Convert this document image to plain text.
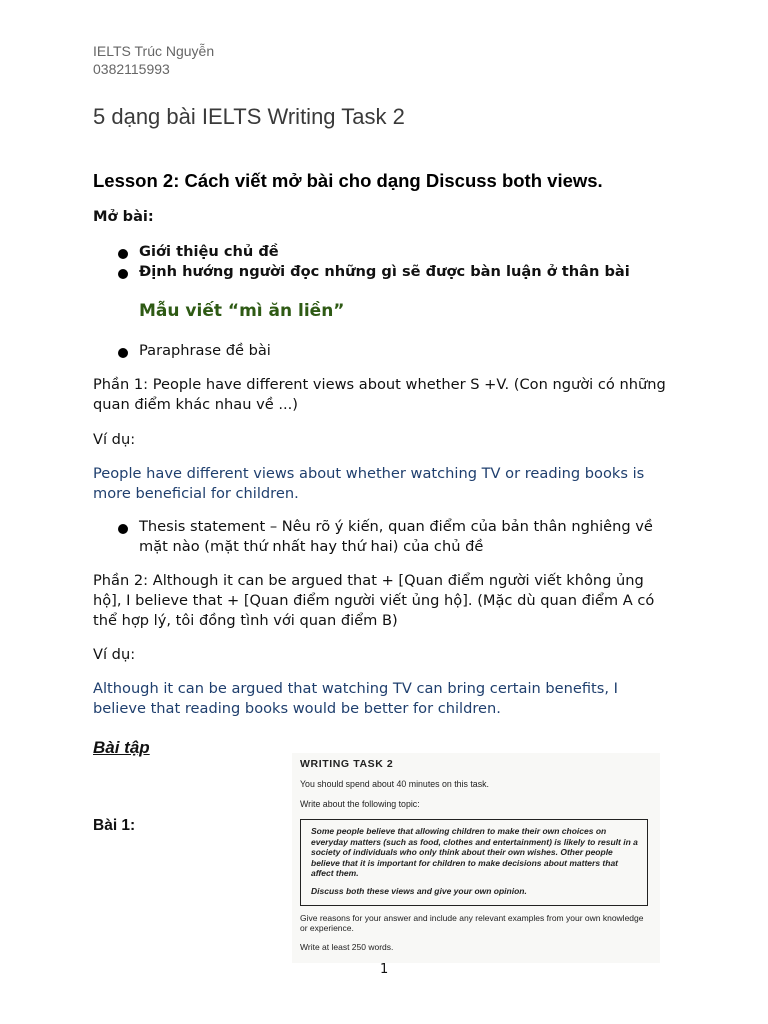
IELTS Trúc Nguyễn
0382115993
5 dạng bài IELTS Writing Task 2
Lesson 2: Cách viết mở bài cho dạng Discuss both views.
Mở bài:
Giới thiệu chủ đề
Định hướng người đọc những gì sẽ được bàn luận ở thân bài
Mẫu viết “mì ăn liền”
Paraphrase đề bài
Phần 1: People have different views about whether S +V. (Con người có những quan điểm khác nhau về ...)
Ví dụ:
People have different views about whether watching TV or reading books is more beneficial for children.
Thesis statement – Nêu rõ ý kiến, quan điểm của bản thân nghiêng về mặt nào (mặt thứ nhất hay thứ hai) của chủ đề
Phần 2: Although it can be argued that + [Quan điểm người viết không ủng hộ], I believe that + [Quan điểm người viết ủng hộ]. (Mặc dù quan điểm A có thể hợp lý, tôi đồng tình với quan điểm B)
Ví dụ:
Although it can be argued that watching TV can bring certain benefits, I believe that reading books would be better for children.
Bài tập
Bài 1:
WRITING TASK 2
You should spend about 40 minutes on this task.
Write about the following topic:
Some people believe that allowing children to make their own choices on everyday matters (such as food, clothes and entertainment) is likely to result in a society of individuals who only think about their own wishes. Other people believe that it is important for children to make decisions about matters that affect them.
Discuss both these views and give your own opinion.
Give reasons for your answer and include any relevant examples from your own knowledge or experience.
Write at least 250 words.
1
